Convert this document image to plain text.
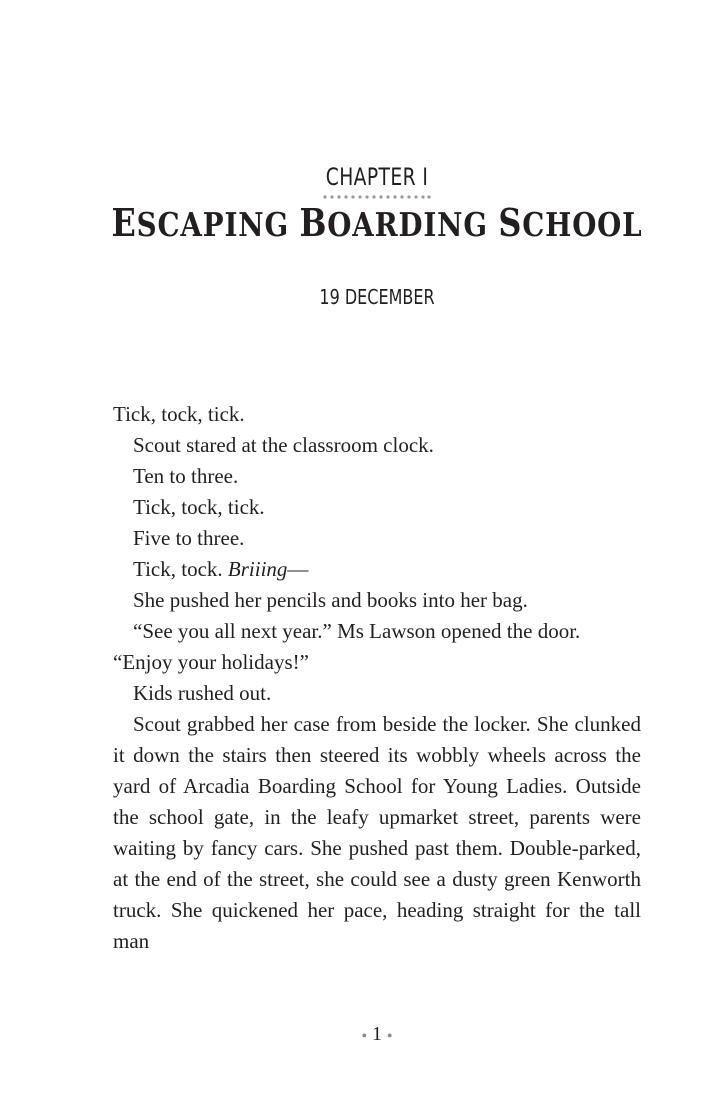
CHAPTER I
ESCAPING BOARDING SCHOOL
19 DECEMBER

Tick, tock, tick.

Scout stared at the classroom clock.

Ten to three.

Tick, tock, tick.

Five to three.

Tick, tock. Briiing—

She pushed her pencils and books into her bag.

“See you all next year.” Ms Lawson opened the door.

“Enjoy your holidays!”

Kids rushed out.

Scout grabbed her case from beside the locker. She clunked it down the stairs then steered its wobbly wheels across the yard of Arcadia Boarding School for Young Ladies. Outside the school gate, in the leafy upmarket street, parents were waiting by fancy cars. She pushed past them. Double-parked, at the end of the street, she could see a dusty green Kenworth truck. She quickened her pace, heading straight for the tall man

● 1 ●
